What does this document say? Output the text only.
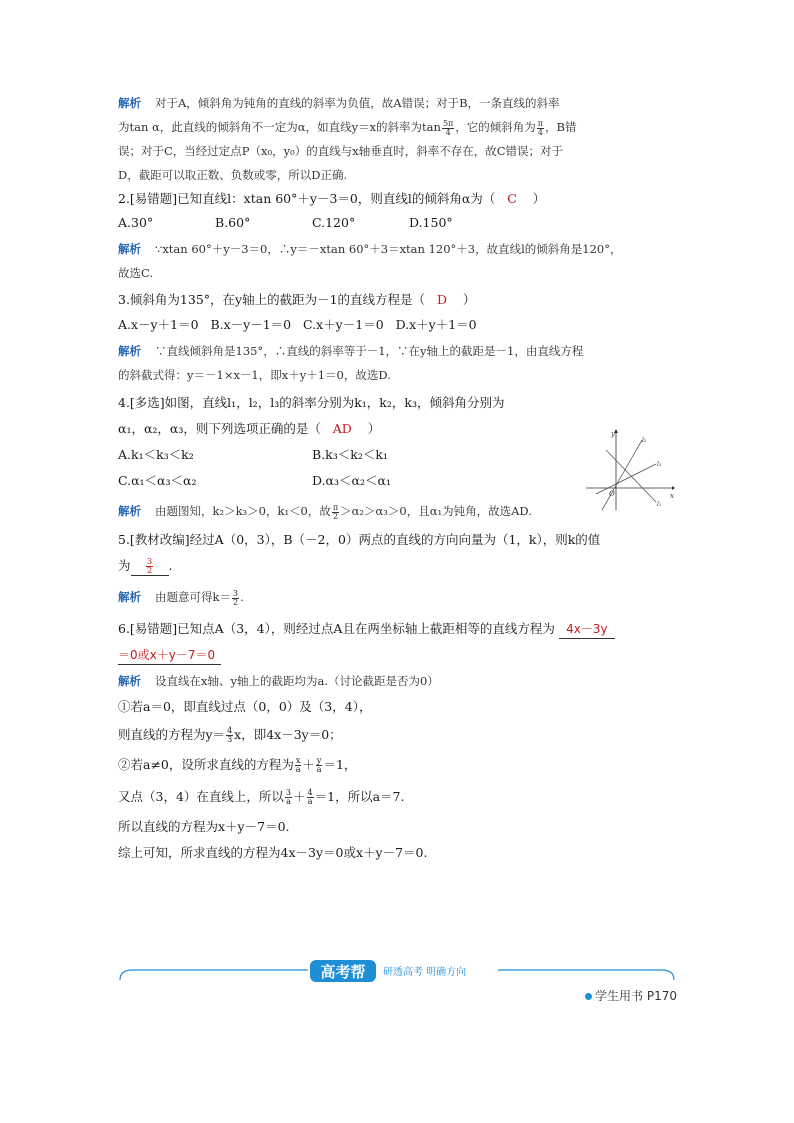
解析 对于A，倾斜角为钝角的直线的斜率为负值，故A错误；对于B，一条直线的斜率
为tan α，此直线的倾斜角不一定为α，如直线y＝x的斜率为$\tan \frac{5\pi}{4}$ ，它的倾斜角为 $\frac{\pi}{4}$ ，B错
误；对于C，当经过定点P（x₀，y₀）的直线与x轴垂直时，斜率不存在，故C错误；对于
D，截距可以取正数、负数或零，所以D正确.
2.[易错题]已知直线l：xtan 60°＋y－3＝0，则直线l的倾斜角α为（ C ）
A.30°	B.60°	C.120°	D.150°
解析 ∵xtan 60°＋y－3＝0，∴y＝－xtan 60°＋3＝xtan 120°＋3，故直线l的倾斜角是120°，
故选C.
3.倾斜角为135°，在y轴上的截距为－1的直线方程是（ D ）
A.x－y＋1＝0   B.x－y－1＝0   C.x＋y－1＝0   D.x＋y＋1＝0
解析 ∵直线倾斜角是135°，∴直线的斜率等于－1，∵在y轴上的截距是－1，由直线方程
的斜截式得：y＝－1×x－1，即x＋y＋1＝0，故选D.
4.[多选]如图，直线l₁，l₂，l₃的斜率分别为k₁，k₂，k₃，倾斜角分别为
α₁，α₂，α₃，则下列选项正确的是（ AD ）
A.k₁＜k₃＜k₂	B.k₃＜k₂＜k₁
C.α₁＜α₃＜α₂	D.α₃＜α₂＜α₁
解析 由题图知，k₂＞k₃＞0，k₁＜0，故 $\frac{\pi}{2} >\alpha_2>\alpha_3>0$，且α₁为钝角，故选AD.
5.[教材改编]经过A（0，3），B（－2，0）两点的直线的方向向量为（1，k），则k的值
为 $\frac{3}{2}$ .
解析 由题意可得$k= \frac{3}{2}$ .
6.[易错题]已知点A（3，4），则经过点A且在两坐标轴上截距相等的直线方程为 4x－3y
＝0或x＋y－7＝0
解析 设直线在x轴、y轴上的截距均为a.（讨论截距是否为0）
①若a＝0，即直线过点（0，0）及（3，4），
则直线的方程为$y= \frac{4}{3}$ x，即4x－3y＝0；
②若a≠0，设所求直线的方程为 $\frac{x}{a} + \frac{y}{a} =1$，
又点（3，4）在直线上，所以 $\frac{3}{a} + \frac{4}{a} =1$，所以a＝7.
所以直线的方程为x＋y－7＝0.
综上可知，所求直线的方程为4x－3y＝0或x＋y－7＝0.
y
x
O
l₂
l₃
l₁
高考帮 研透高考 明确方向
学生用书 P170
